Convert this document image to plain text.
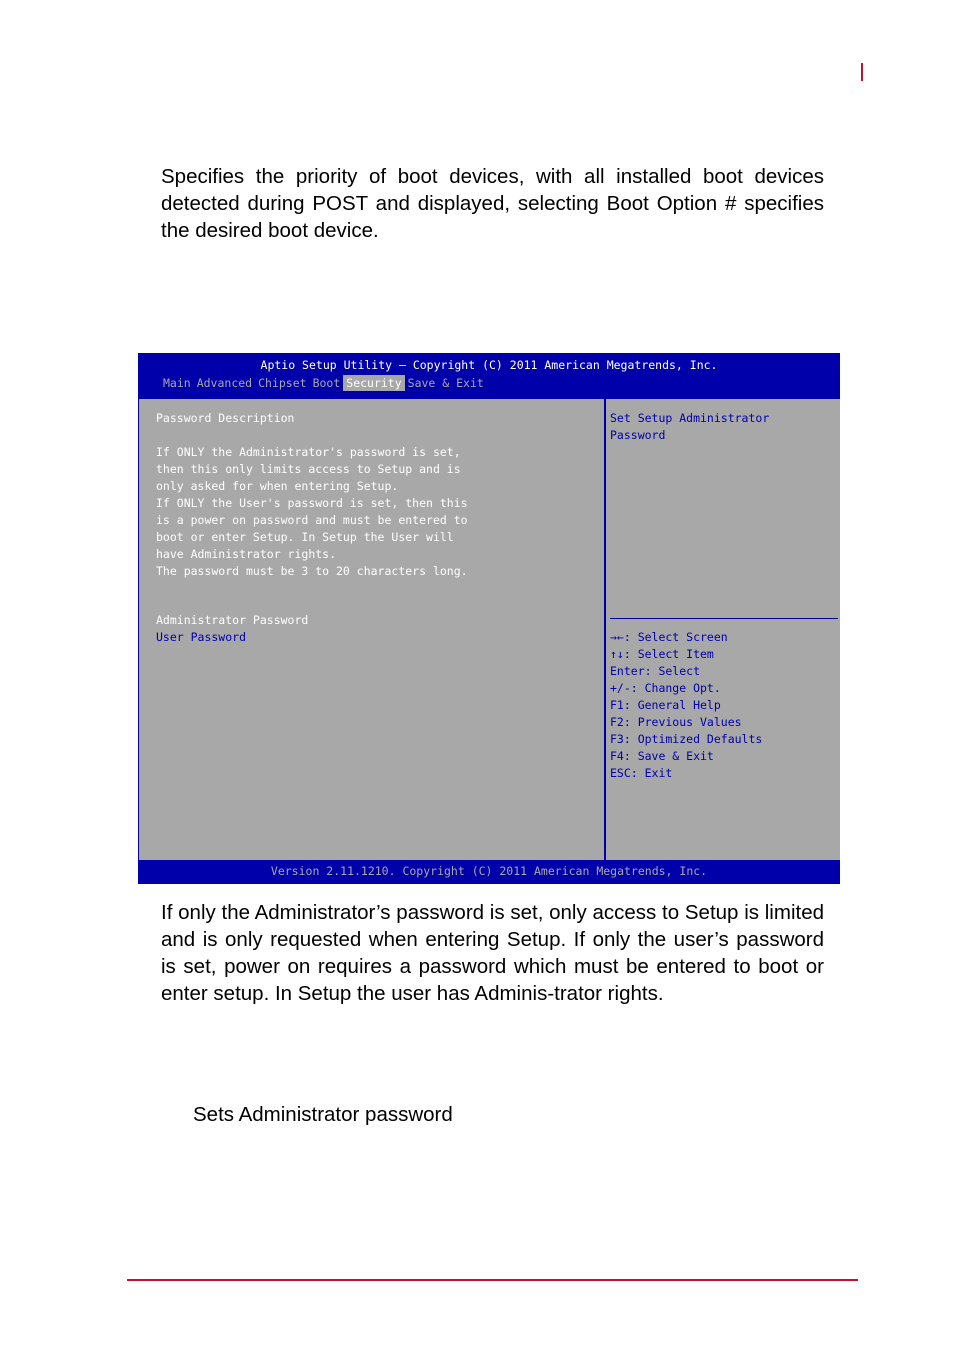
Specifies the priority of boot devices, with all installed boot devices detected during POST and displayed, selecting Boot Option # specifies the desired boot device.

Aptio Setup Utility – Copyright (C) 2011 American Megatrends, Inc.
Main Advanced Chipset Boot Security Save & Exit
Password Description
If ONLY the Administrator's password is set,
then this only limits access to Setup and is
only asked for when entering Setup.
If ONLY the User's password is set, then this
is a power on password and must be entered to
boot or enter Setup. In Setup the User will
have Administrator rights.
The password must be 3 to 20 characters long.
Administrator Password
User Password
Set Setup Administrator
Password
→←: Select Screen
↑↓: Select Item
Enter: Select
+/-: Change Opt.
F1: General Help
F2: Previous Values
F3: Optimized Defaults
F4: Save & Exit
ESC: Exit
Version 2.11.1210. Copyright (C) 2011 American Megatrends, Inc.

If only the Administrator’s password is set, only access to Setup is limited and is only requested when entering Setup. If only the user’s password is set, power on requires a password which must be entered to boot or enter setup. In Setup the user has Adminis-trator rights.

Sets Administrator password
